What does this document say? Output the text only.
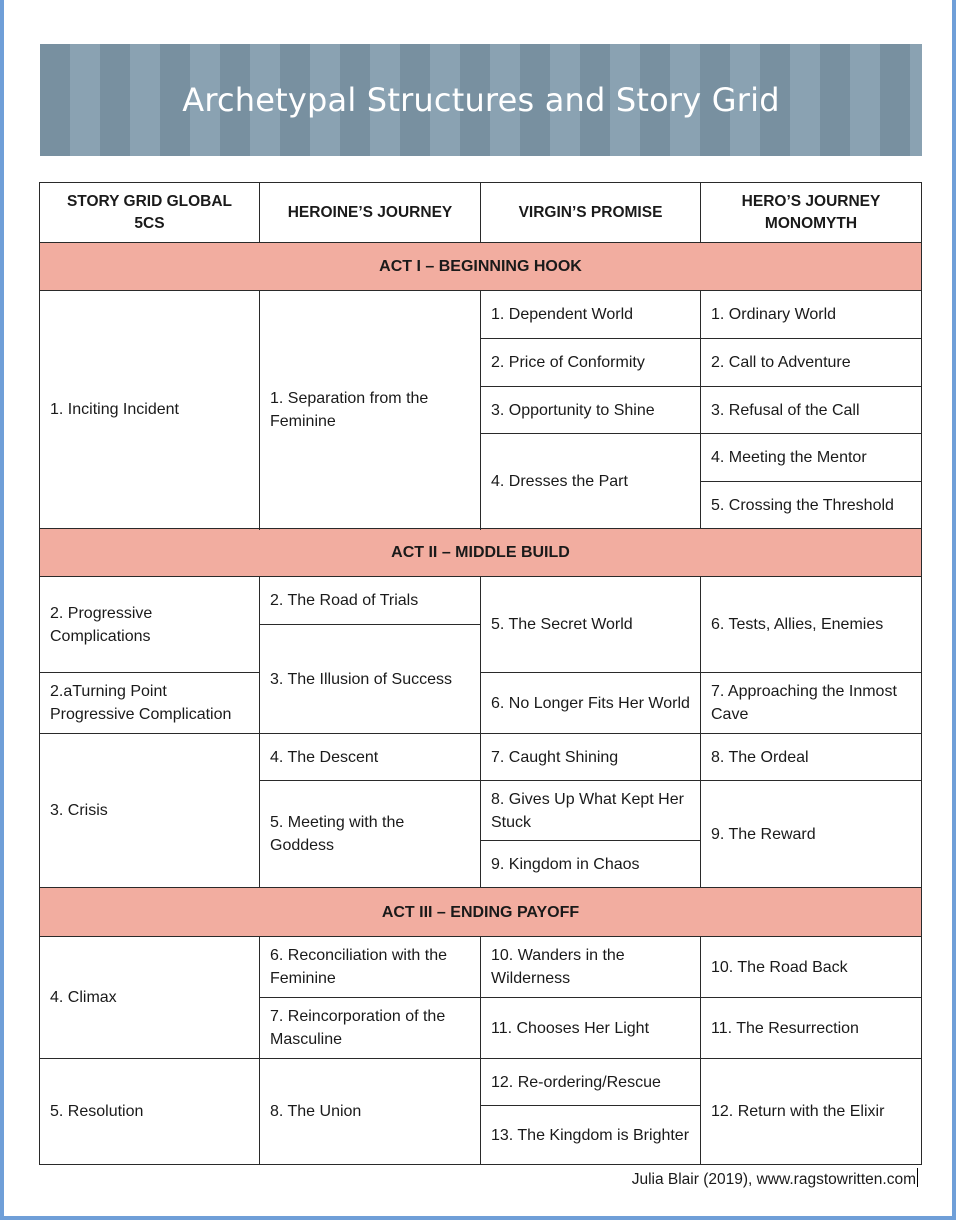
Archetypal Structures and Story Grid
STORY GRID GLOBAL 5CS	HEROINE’S JOURNEY	VIRGIN’S PROMISE	HERO’S JOURNEY MONOMYTH
ACT I – BEGINNING HOOK			
1. Inciting Incident	1. Separation from the Feminine	1. Dependent World	1. Ordinary World
		2. Price of Conformity	2. Call to Adventure
		3. Opportunity to Shine	3. Refusal of the Call
		4. Dresses the Part	4. Meeting the Mentor
			5. Crossing the Threshold

ACT II – MIDDLE BUILD			
2. Progressive Complications	2. The Road of Trials	5. The Secret World	6. Tests, Allies, Enemies
	3. The Illusion of Success		
2.aTurning Point Progressive Complication		6. No Longer Fits Her World	7. Approaching the Inmost Cave
3. Crisis	4. The Descent	7. Caught Shining	8. The Ordeal
	5. Meeting with the Goddess	8. Gives Up What Kept Her Stuck	9. The Reward
		9. Kingdom in Chaos	
ACT III – ENDING PAYOFF			
4. Climax	6. Reconciliation with the Feminine	10. Wanders in the Wilderness	10. The Road Back
	7. Reincorporation of the Masculine	11. Chooses Her Light	11. The Resurrection
5. Resolution	8. The Union	12. Re-ordering/Rescue	12. Return with the Elixir
		13. The Kingdom is Brighter	
Julia Blair (2019), www.ragstowritten.com
